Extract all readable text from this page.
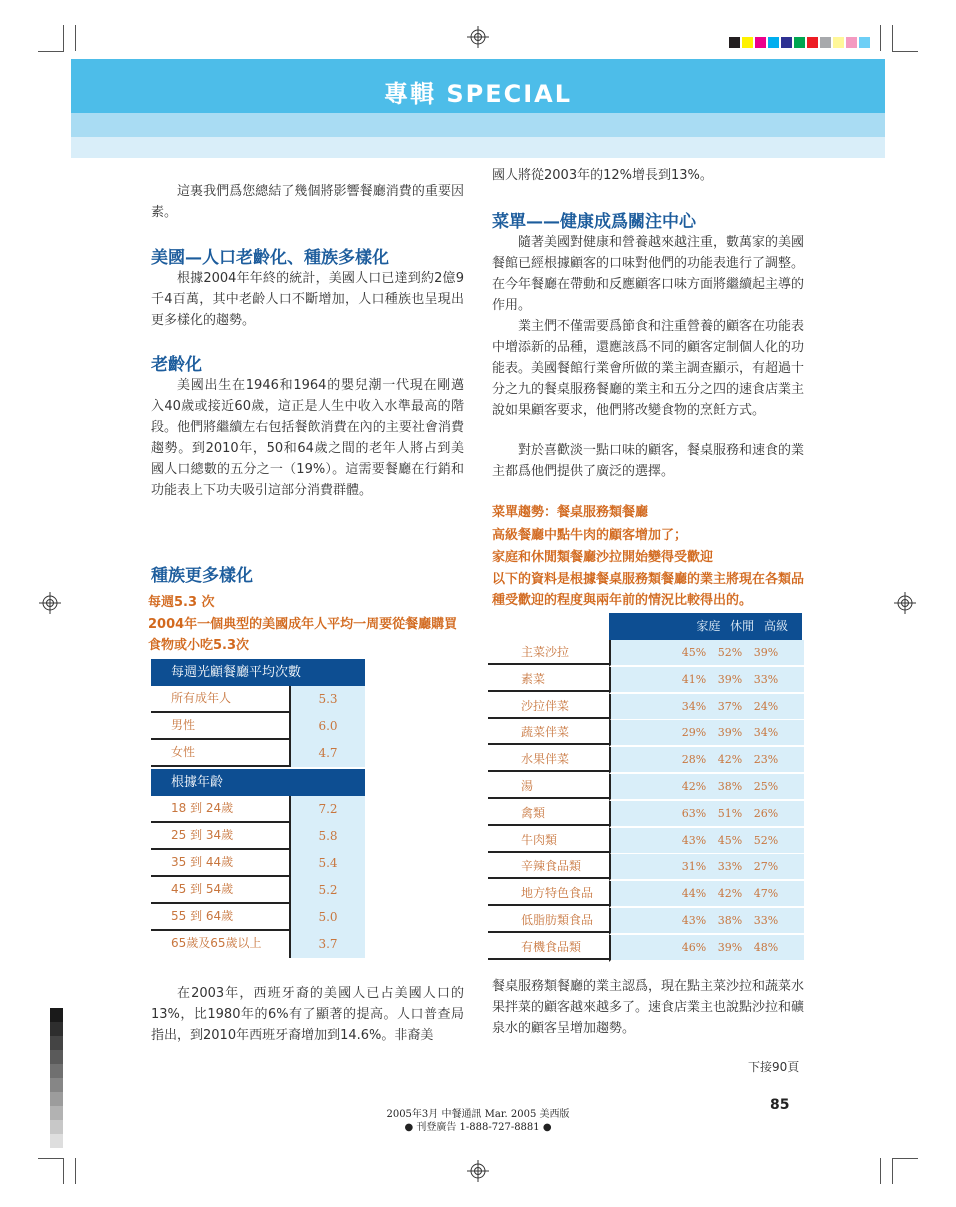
專輯 SPECIAL
這裏我們爲您總結了幾個將影響餐廳消費的重要因素。
美國—人口老齡化、種族多樣化
根據2004年年終的統計，美國人口已達到約2億9千4百萬，其中老齡人口不斷增加，人口種族也呈現出更多樣化的趨勢。
老齡化
美國出生在1946和1964的嬰兒潮一代現在剛邁入40歲或接近60歲，這正是人生中收入水準最高的階段。他們將繼續左右包括餐飲消費在內的主要社會消費趨勢。到2010年，50和64歲之間的老年人將占到美國人口總數的五分之一（19%）。這需要餐廳在行銷和功能表上下功夫吸引這部分消費群體。
種族更多樣化
每週5.3 次
2004年一個典型的美國成年人平均一周要從餐廳購買食物或小吃5.3次
每週光顧餐廳平均次數
所有成年人	5.3
男性	6.0
女性	4.7
根據年齡
18 到 24歲	7.2
25 到 34歲	5.8
35 到 44歲	5.4
45 到 54歲	5.2
55 到 64歲	5.0
65歲及65歲以上	3.7
在2003年，西班牙裔的美國人已占美國人口的13%，比1980年的6%有了顯著的提高。人口普查局指出，到2010年西班牙裔增加到14.6%。非裔美
國人將從2003年的12%增長到13%。
菜單——健康成爲關注中心
隨著美國對健康和營養越來越注重，數萬家的美國餐館已經根據顧客的口味對他們的功能表進行了調整。在今年餐廳在帶動和反應顧客口味方面將繼續起主導的作用。
業主們不僅需要爲節食和注重營養的顧客在功能表中增添新的品種，還應該爲不同的顧客定制個人化的功能表。美國餐館行業會所做的業主調查顯示，有超過十分之九的餐桌服務餐廳的業主和五分之四的速食店業主說如果顧客要求，他們將改變食物的烹飪方式。
對於喜歡淡一點口味的顧客，餐桌服務和速食的業主都爲他們提供了廣泛的選擇。
菜單趨勢：餐桌服務類餐廳
高級餐廳中點牛肉的顧客增加了；
家庭和休閒類餐廳沙拉開始變得受歡迎
以下的資料是根據餐桌服務類餐廳的業主將現在各類品種受歡迎的程度與兩年前的情況比較得出的。
家庭 休閒 高級
主菜沙拉	45% 52% 39%
素菜	41% 39% 33%
沙拉伴菜	34% 37% 24%
蔬菜伴菜	29% 39% 34%
水果伴菜	28% 42% 23%
湯	42% 38% 25%
禽類	63% 51% 26%
牛肉類	43% 45% 52%
辛辣食品類	31% 33% 27%
地方特色食品	44% 42% 47%
低脂肪類食品	43% 38% 33%
有機食品類	46% 39% 48%
餐桌服務類餐廳的業主認爲，現在點主菜沙拉和蔬菜水果拌菜的顧客越來越多了。速食店業主也說點沙拉和礦泉水的顧客呈增加趨勢。
下接90頁
2005年3月 中餐通訊 Mar. 2005 美西版
● 刊登廣告 1-888-727-8881 ●
85
